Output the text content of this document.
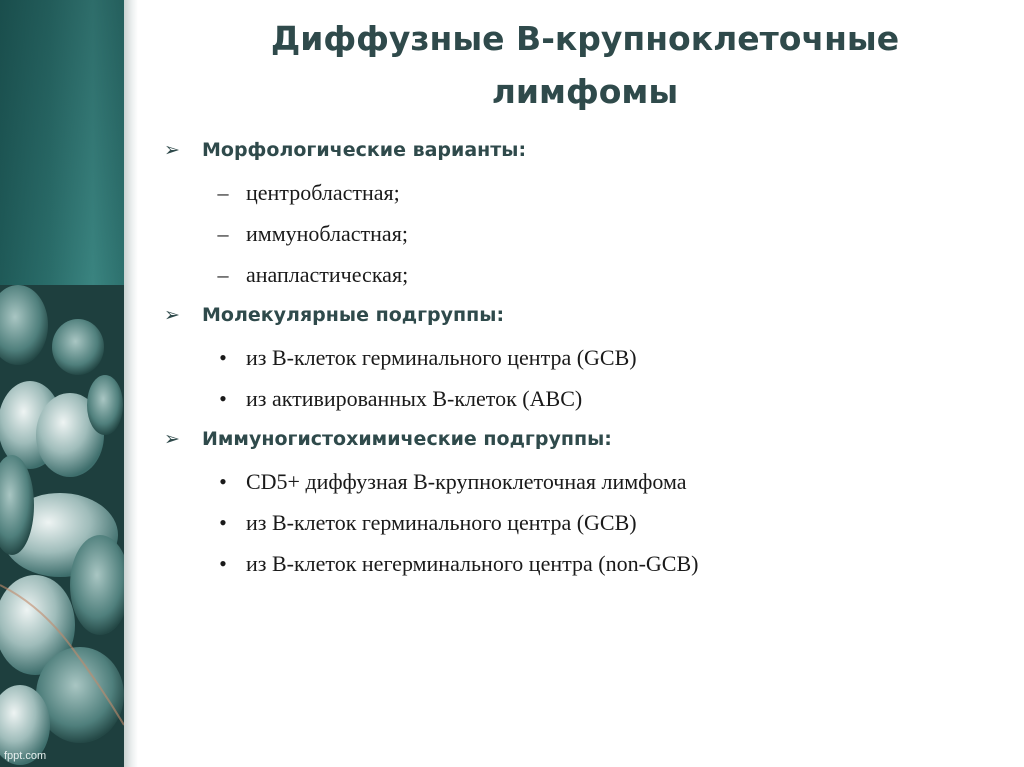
fppt.com
Диффузные В-крупноклеточные
лимфомы
➢ Морфологические варианты:
– центробластная;
– иммунобластная;
– анапластическая;
➢ Молекулярные подгруппы:
• из В-клеток герминального центра (GCB)
• из активированных В-клеток (ABC)
➢ Иммуногистохимические подгруппы:
• CD5+ диффузная В-крупноклеточная лимфома
• из В-клеток герминального центра (GCB)
• из В-клеток негерминального центра (non-GCB)
